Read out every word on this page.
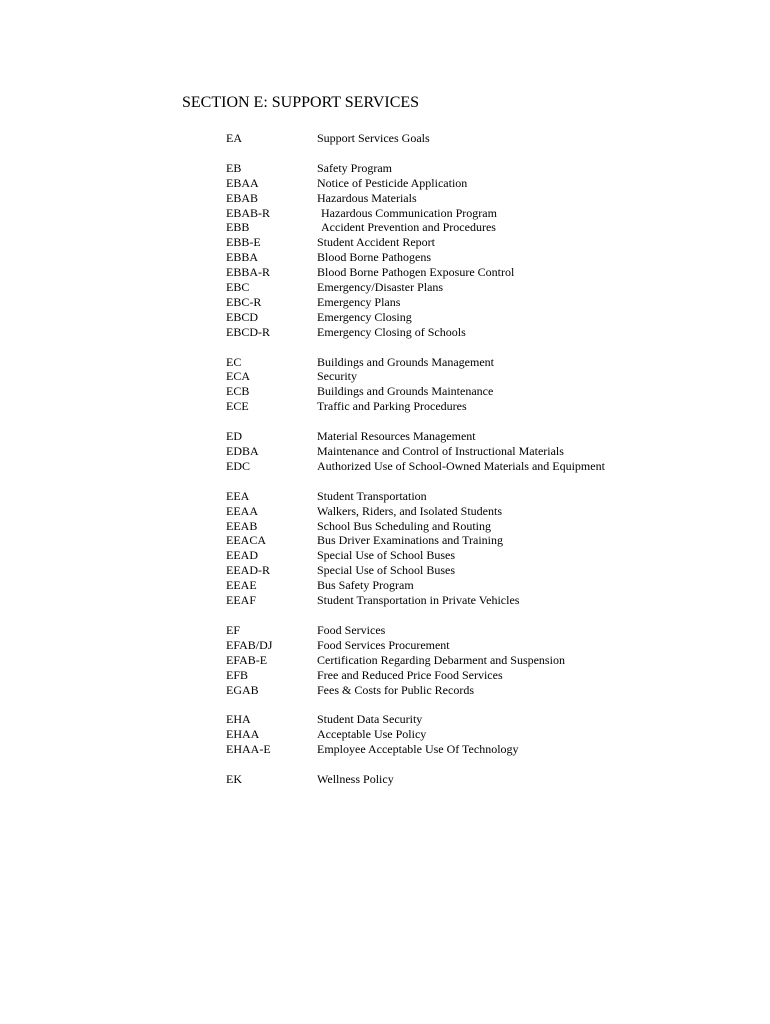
SECTION E: SUPPORT SERVICES
EA	Support Services Goals
EB	Safety Program
EBAA	Notice of Pesticide Application
EBAB	Hazardous Materials
EBAB-R	Hazardous Communication Program
EBB	Accident Prevention and Procedures
EBB-E	Student Accident Report
EBBA	Blood Borne Pathogens
EBBA-R	Blood Borne Pathogen Exposure Control
EBC	Emergency/Disaster Plans
EBC-R	Emergency Plans
EBCD	Emergency Closing
EBCD-R	Emergency Closing of Schools
EC	Buildings and Grounds Management
ECA	Security
ECB	Buildings and Grounds Maintenance
ECE	Traffic and Parking Procedures
ED	Material Resources Management
EDBA	Maintenance and Control of Instructional Materials
EDC	Authorized Use of School-Owned Materials and Equipment
EEA	Student Transportation
EEAA	Walkers, Riders, and Isolated Students
EEAB	School Bus Scheduling and Routing
EEACA	Bus Driver Examinations and Training
EEAD	Special Use of School Buses
EEAD-R	Special Use of School Buses
EEAE	Bus Safety Program
EEAF	Student Transportation in Private Vehicles
EF	Food Services
EFAB/DJ	Food Services Procurement
EFAB-E	Certification Regarding Debarment and Suspension
EFB	Free and Reduced Price Food Services
EGAB	Fees & Costs for Public Records
EHA	Student Data Security
EHAA	Acceptable Use Policy
EHAA-E	Employee Acceptable Use Of Technology
EK	Wellness Policy
